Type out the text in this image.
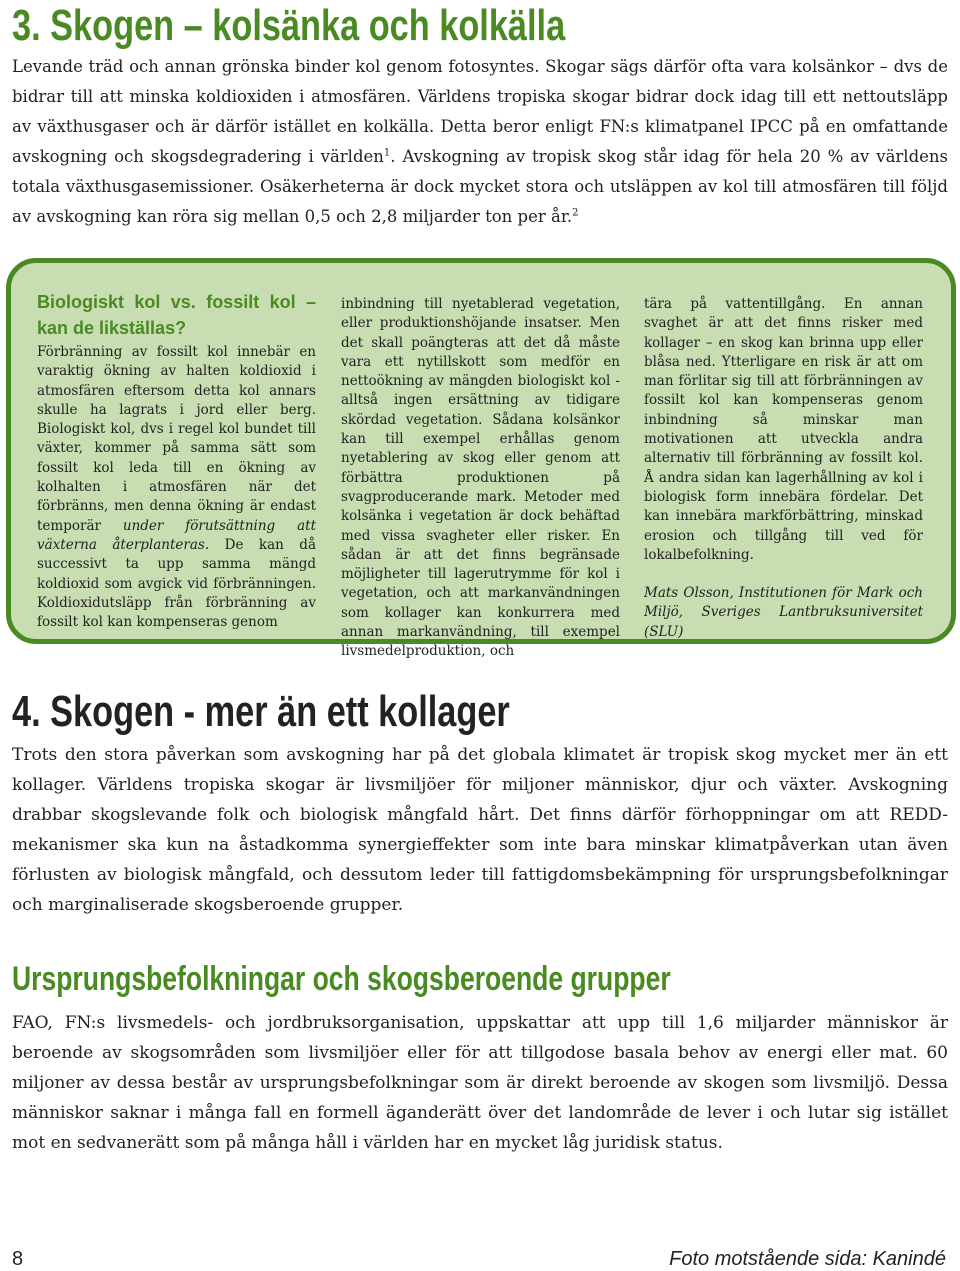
3. Skogen – kolsänka och kolkälla

Levande träd och annan grönska binder kol genom fotosyntes. Skogar sägs därför ofta vara kolsänkor – dvs de bidrar till att minska koldioxiden i atmosfären. Världens tropiska skogar bidrar dock idag till ett nettoutsläpp av växthusgaser och är därför istället en kolkälla. Detta beror enligt FN:s klimatpanel IPCC på en omfattande avskogning och skogsdegradering i världen$^1$. Avskogning av tropisk skog står idag för hela 20 % av världens totala växthusgasemissioner. Osäkerheterna är dock mycket stora och utsläppen av kol till atmosfären till följd av avskogning kan röra sig mellan 0,5 och 2,8 miljarder ton per år.$^2$

Biologiskt kol vs. fossilt kol – kan de likställas?
Förbränning av fossilt kol innebär en varaktig ökning av halten koldioxid i atmosfären eftersom detta kol annars skulle ha lagrats i jord eller berg. Biologiskt kol, dvs i regel kol bundet till växter, kommer på samma sätt som fossilt kol leda till en ökning av kolhalten i atmosfären när det förbränns, men denna ökning är endast temporär under förutsättning att växterna återplanteras. De kan då successivt ta upp samma mängd koldioxid som avgick vid förbränningen. Koldioxidutsläpp från förbränning av fossilt kol kan kompenseras genom
inbindning till nyetablerad vegetation, eller produktionshöjande insatser. Men det skall poängteras att det då måste vara ett nytillskott som medför en nettoökning av mängden biologiskt kol - alltså ingen ersättning av tidigare skördad vegetation. Sådana kolsänkor kan till exempel erhållas genom nyetablering av skog eller genom att förbättra produktionen på svagproducerande mark. Metoder med kolsänka i vegetation är dock behäftad med vissa svagheter eller risker. En sådan är att det finns begränsade möjligheter till lagerutrymme för kol i vegetation, och att markanvändningen som kollager kan konkurrera med annan markanvändning, till exempel livsmedelproduktion, och
tära på vattentillgång. En annan svaghet är att det finns risker med kollager – en skog kan brinna upp eller blåsa ned. Ytterligare en risk är att om man förlitar sig till att förbränningen av fossilt kol kan kompenseras genom inbindning så minskar man motivationen att utveckla andra alternativ till förbränning av fossilt kol. Å andra sidan kan lagerhållning av kol i biologisk form innebära fördelar. Det kan innebära markförbättring, minskad erosion och tillgång till ved för lokalbefolkning.
Mats Olsson, Institutionen för Mark och Miljö, Sveriges Lantbruksuniversitet (SLU)
4. Skogen - mer än ett kollager

Trots den stora påverkan som avskogning har på det globala klimatet är tropisk skog mycket mer än ett kollager. Världens tropiska skogar är livsmiljöer för miljoner människor, djur och växter. Avskogning drabbar skogslevande folk och biologisk mångfald hårt. Det finns därför förhoppningar om att REDD-mekanismer ska kun na åstadkomma synergieffekter som inte bara minskar klimatpåverkan utan även förlusten av biologisk mångfald, och dessutom leder till fattigdomsbekämpning för ursprungsbefolkningar och marginaliserade skogsberoende grupper.

Ursprungsbefolkningar och skogsberoende grupper

FAO, FN:s livsmedels- och jordbruksorganisation, uppskattar att upp till 1,6 miljarder människor är beroende av skogsområden som livsmiljöer eller för att tillgodose basala behov av energi eller mat. 60 miljoner av dessa består av ursprungsbefolkningar som är direkt beroende av skogen som livsmiljö. Dessa människor saknar i många fall en formell äganderätt över det landområde de lever i och lutar sig istället mot en sedvanerätt som på många håll i världen har en mycket låg juridisk status.

8	Foto motstående sida: Kanindé
